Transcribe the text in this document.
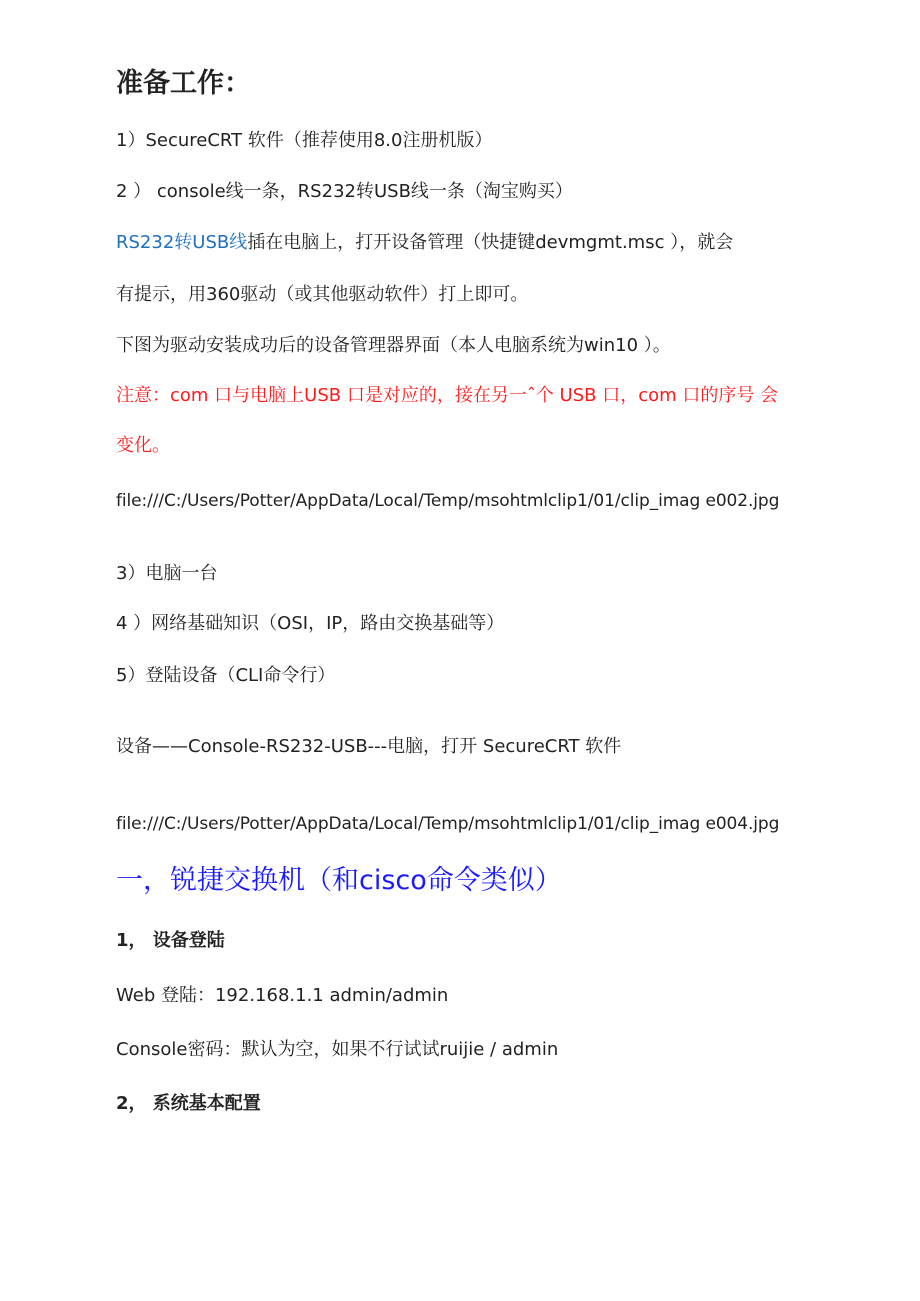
准备工作：

1）SecureCRT 软件（推荐使用8.0注册机版）

2 ） console线一条，RS232转USB线一条（淘宝购买）

RS232转USB线插在电脑上，打开设备管理（快捷键devmgmt.msc ），就会

有提示，用360驱动（或其他驱动软件）打上即可。

下图为驱动安装成功后的设备管理器界面（本人电脑系统为win10 ）。

注意：com 口与电脑上USB 口是对应的，接在另一ˆ个 USB 口，com 口的序号 会

变化。

file:///C:/Users/Potter/AppData/Local/Temp/msohtmlclip1/01/clip_imag e002.jpg

3）电脑一台

4 ）网络基础知识（OSI，IP，路由交换基础等）

5）登陆设备（CLI命令行）

设备——Console-RS232-USB---电脑，打开 SecureCRT 软件

file:///C:/Users/Potter/AppData/Local/Temp/msohtmlclip1/01/clip_imag e004.jpg

一，锐捷交换机（和cisco命令类似）
1， 设备登陆

Web 登陆：192.168.1.1 admin/admin

Console密码：默认为空，如果不行试试ruijie / admin

2， 系统基本配置
